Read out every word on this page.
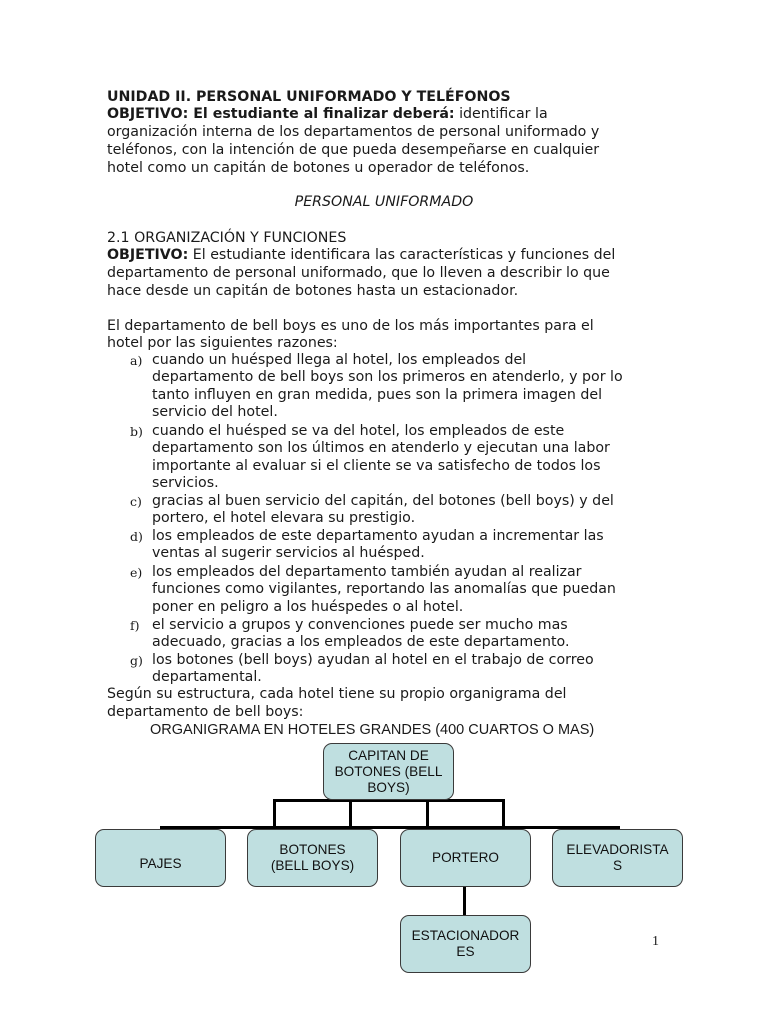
UNIDAD II. PERSONAL UNIFORMADO Y TELÉFONOS
OBJETIVO: El estudiante al finalizar deberá: identificar la
organización interna de los departamentos de personal uniformado y
teléfonos, con la intención de que pueda desempeñarse en cualquier
hotel como un capitán de botones u operador de teléfonos.
PERSONAL UNIFORMADO
2.1 ORGANIZACIÓN Y FUNCIONES
OBJETIVO: El estudiante identificara las características y funciones del
departamento de personal uniformado, que lo lleven a describir lo que
hace desde un capitán de botones hasta un estacionador.
El departamento de bell boys es uno de los más importantes para el
hotel por las siguientes razones:
a) cuando un huésped llega al hotel, los empleados del
departamento de bell boys son los primeros en atenderlo, y por lo
tanto influyen en gran medida, pues son la primera imagen del
servicio del hotel.
b) cuando el huésped se va del hotel, los empleados de este
departamento son los últimos en atenderlo y ejecutan una labor
importante al evaluar si el cliente se va satisfecho de todos los
servicios.
c) gracias al buen servicio del capitán, del botones (bell boys) y del
portero, el hotel elevara su prestigio.
d) los empleados de este departamento ayudan a incrementar las
ventas al sugerir servicios al huésped.
e) los empleados del departamento también ayudan al realizar
funciones como vigilantes, reportando las anomalías que puedan
poner en peligro a los huéspedes o al hotel.
f) el servicio a grupos y convenciones puede ser mucho mas
adecuado, gracias a los empleados de este departamento.
g) los botones (bell boys) ayudan al hotel en el trabajo de correo
departamental.
Según su estructura, cada hotel tiene su propio organigrama del
departamento de bell boys:
ORGANIGRAMA EN HOTELES GRANDES (400 CUARTOS O MAS)
CAPITAN DE
BOTONES (BELL
BOYS)
PAJES
BOTONES
(BELL BOYS)
PORTERO
ELEVADORISTA
S
ESTACIONADOR
ES
1
